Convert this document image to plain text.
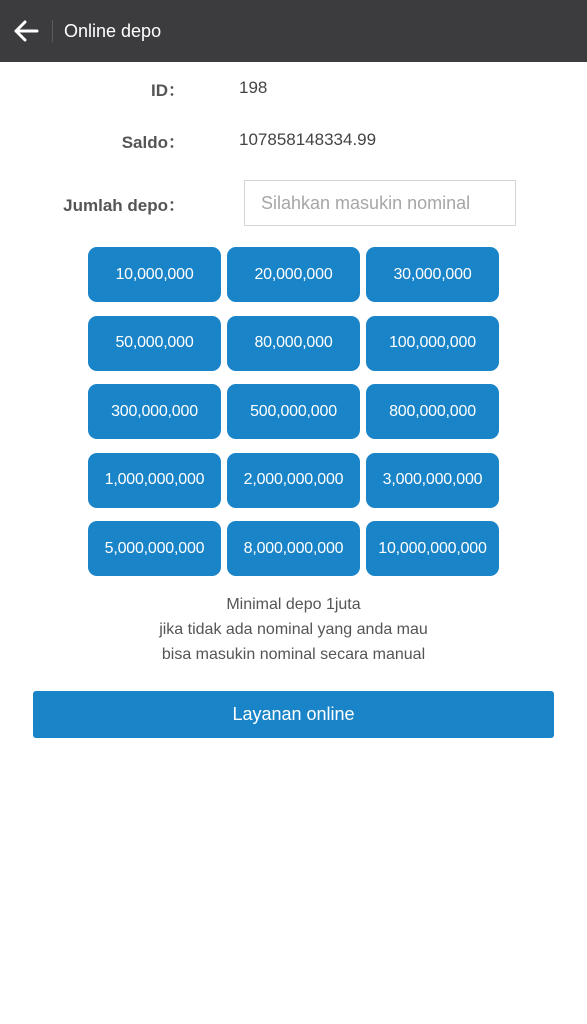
Online depo
ID：	198
Saldo：	107858148334.99
Jumlah depo：
Silahkan masukin nominal
10,000,000	20,000,000	30,000,000
50,000,000	80,000,000	100,000,000
300,000,000	500,000,000	800,000,000
1,000,000,000	2,000,000,000	3,000,000,000
5,000,000,000	8,000,000,000	10,000,000,000
Minimal depo 1juta
jika tidak ada nominal yang anda mau
bisa masukin nominal secara manual
Layanan online
